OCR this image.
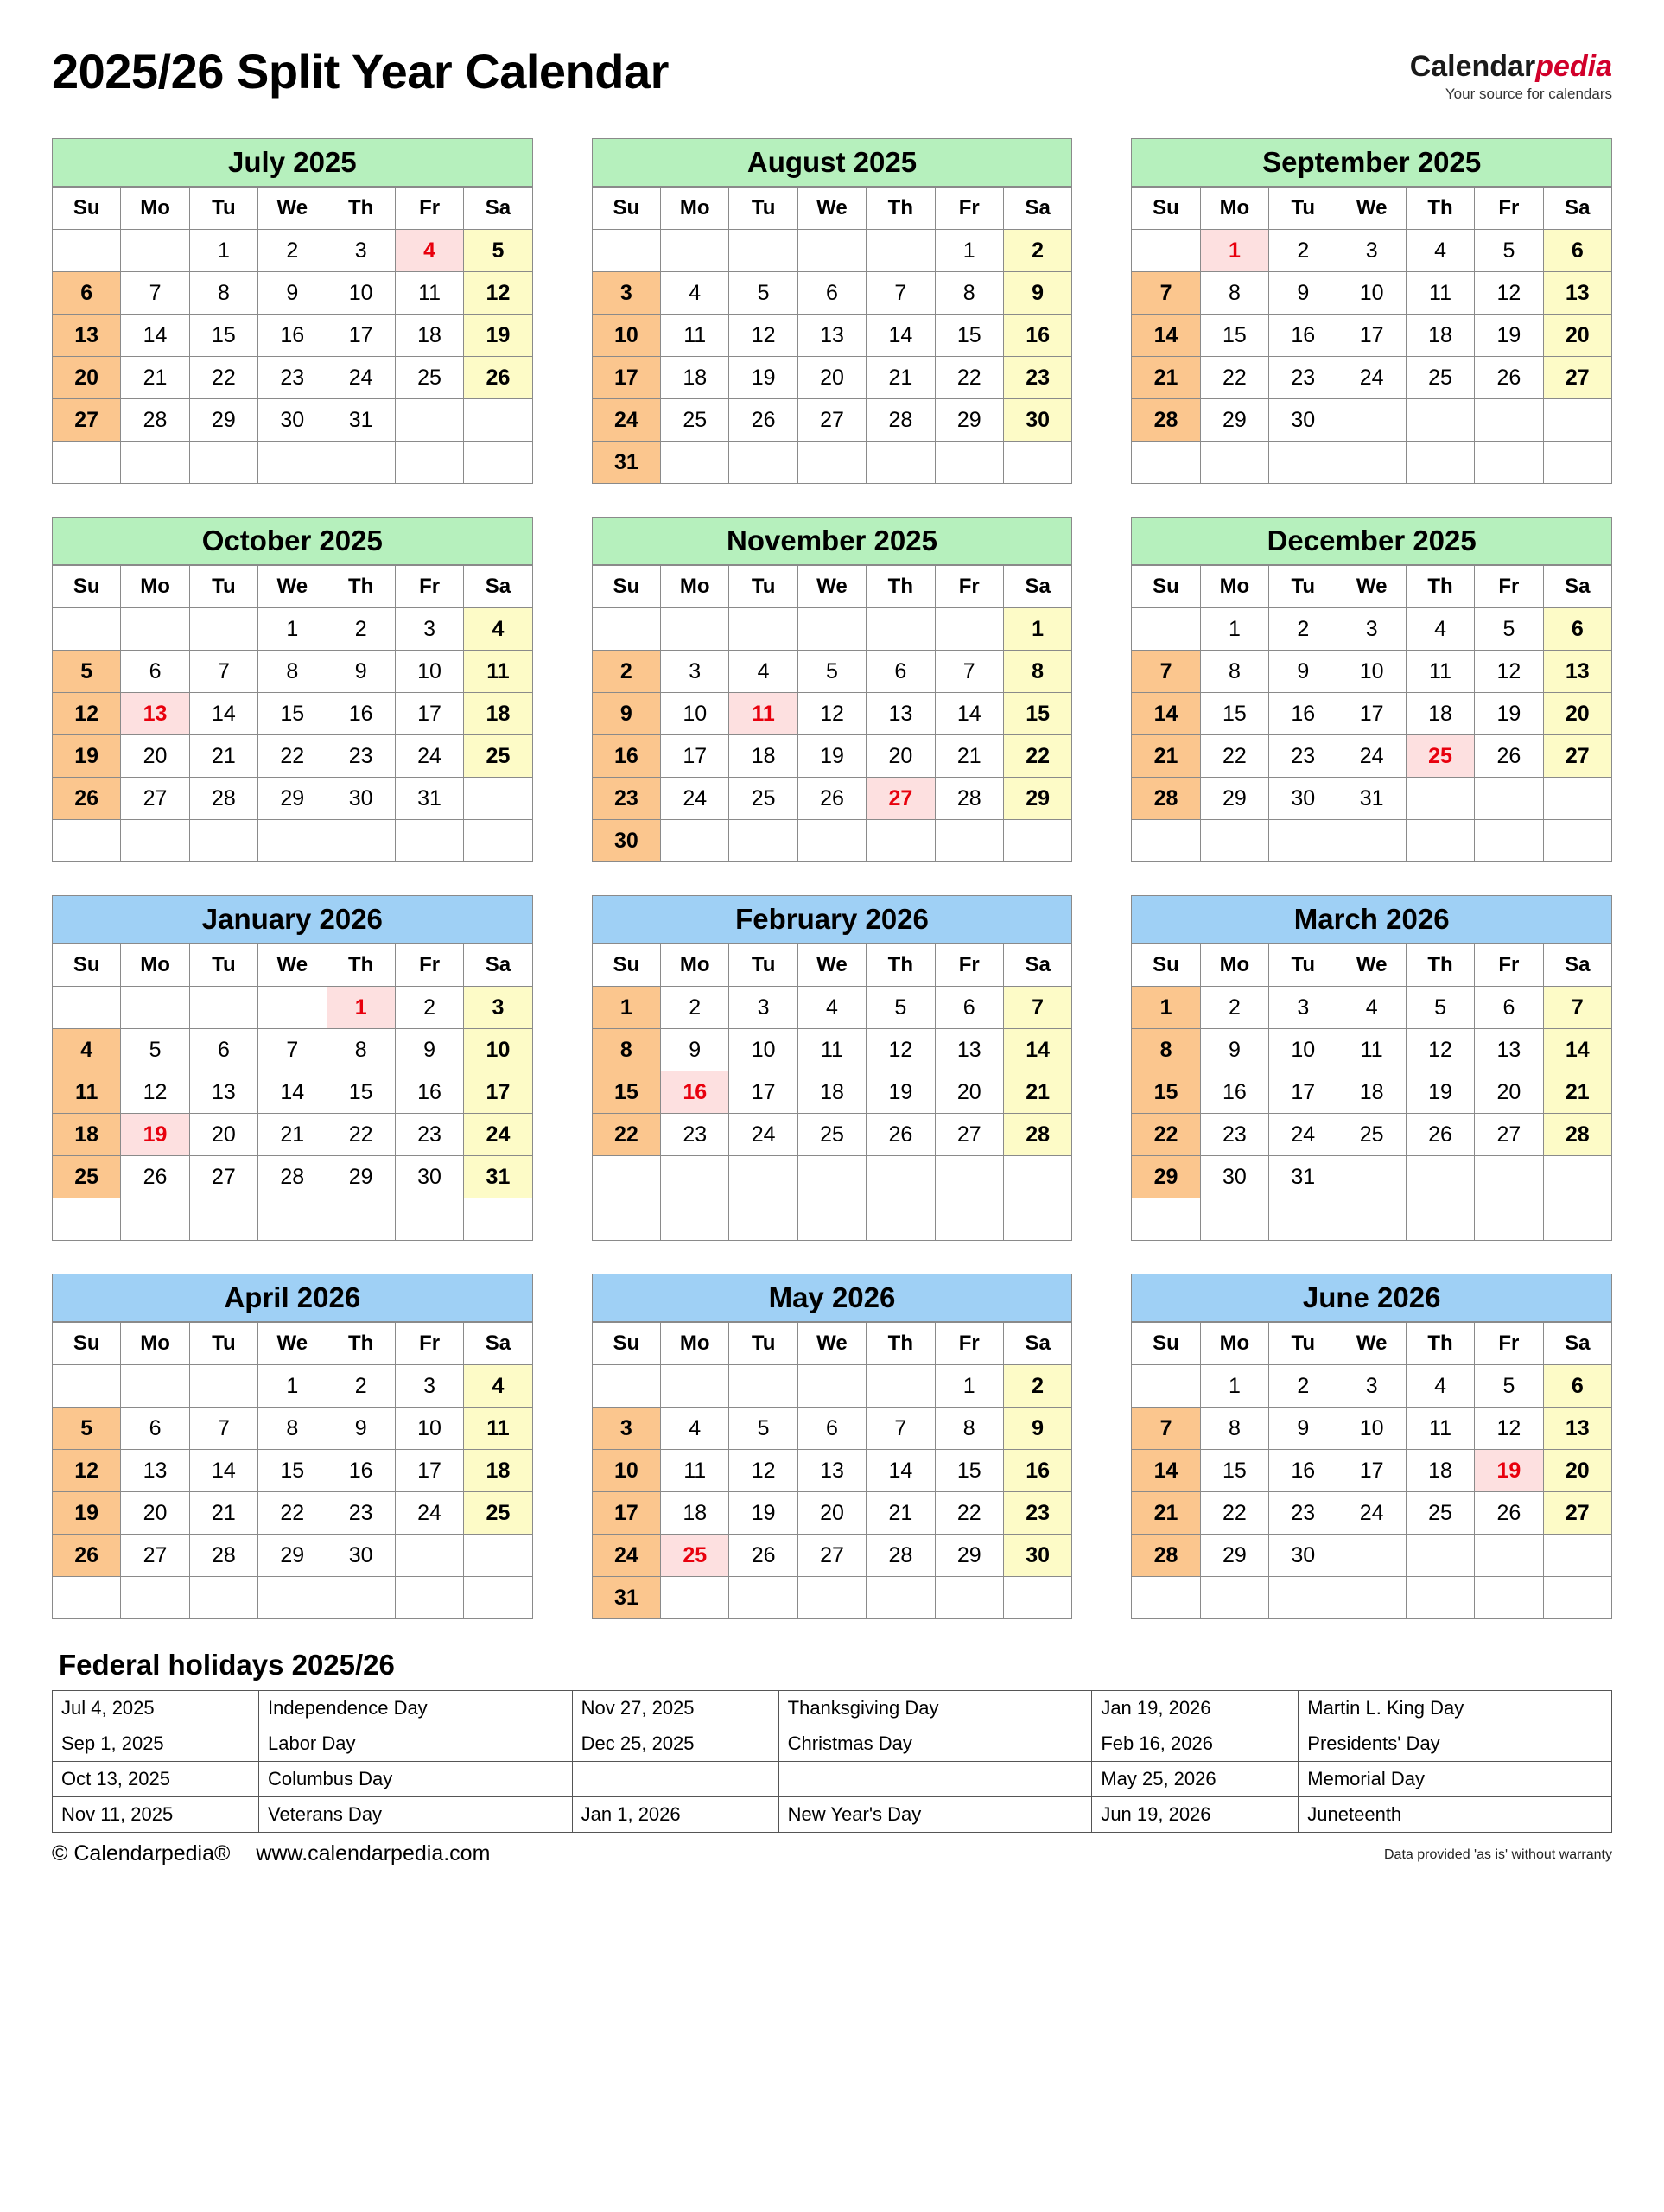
2025/26 Split Year Calendar	Calendarpedia
Your source for calendars
July 2025
Su	Mo	Tu	We	Th	Fr	Sa
		1	2	3	4	5
6	7	8	9	10	11	12
13	14	15	16	17	18	19
20	21	22	23	24	25	26
27	28	29	30	31		

August 2025
Su	Mo	Tu	We	Th	Fr	Sa
					1	2
3	4	5	6	7	8	9
10	11	12	13	14	15	16
17	18	19	20	21	22	23
24	25	26	27	28	29	30
31						
September 2025
Su	Mo	Tu	We	Th	Fr	Sa
	1	2	3	4	5	6
7	8	9	10	11	12	13
14	15	16	17	18	19	20
21	22	23	24	25	26	27
28	29	30				

October 2025
Su	Mo	Tu	We	Th	Fr	Sa
			1	2	3	4
5	6	7	8	9	10	11
12	13	14	15	16	17	18
19	20	21	22	23	24	25
26	27	28	29	30	31	

November 2025
Su	Mo	Tu	We	Th	Fr	Sa
						1
2	3	4	5	6	7	8
9	10	11	12	13	14	15
16	17	18	19	20	21	22
23	24	25	26	27	28	29
30						
December 2025
Su	Mo	Tu	We	Th	Fr	Sa
	1	2	3	4	5	6
7	8	9	10	11	12	13
14	15	16	17	18	19	20
21	22	23	24	25	26	27
28	29	30	31			

January 2026
Su	Mo	Tu	We	Th	Fr	Sa
				1	2	3
4	5	6	7	8	9	10
11	12	13	14	15	16	17
18	19	20	21	22	23	24
25	26	27	28	29	30	31

February 2026
Su	Mo	Tu	We	Th	Fr	Sa
1	2	3	4	5	6	7
8	9	10	11	12	13	14
15	16	17	18	19	20	21
22	23	24	25	26	27	28

March 2026
Su	Mo	Tu	We	Th	Fr	Sa
1	2	3	4	5	6	7
8	9	10	11	12	13	14
15	16	17	18	19	20	21
22	23	24	25	26	27	28
29	30	31				

April 2026
Su	Mo	Tu	We	Th	Fr	Sa
			1	2	3	4
5	6	7	8	9	10	11
12	13	14	15	16	17	18
19	20	21	22	23	24	25
26	27	28	29	30		

May 2026
Su	Mo	Tu	We	Th	Fr	Sa
					1	2
3	4	5	6	7	8	9
10	11	12	13	14	15	16
17	18	19	20	21	22	23
24	25	26	27	28	29	30
31						
June 2026
Su	Mo	Tu	We	Th	Fr	Sa
	1	2	3	4	5	6
7	8	9	10	11	12	13
14	15	16	17	18	19	20
21	22	23	24	25	26	27
28	29	30				

Federal holidays 2025/26
Jul 4, 2025	Independence Day	Nov 27, 2025	Thanksgiving Day	Jan 19, 2026	Martin L. King Day
Sep 1, 2025	Labor Day	Dec 25, 2025	Christmas Day	Feb 16, 2026	Presidents' Day
Oct 13, 2025	Columbus Day			May 25, 2026	Memorial Day
Nov 11, 2025	Veterans Day	Jan 1, 2026	New Year's Day	Jun 19, 2026	Juneteenth
© Calendarpedia® www.calendarpedia.com	Data provided 'as is' without warranty
